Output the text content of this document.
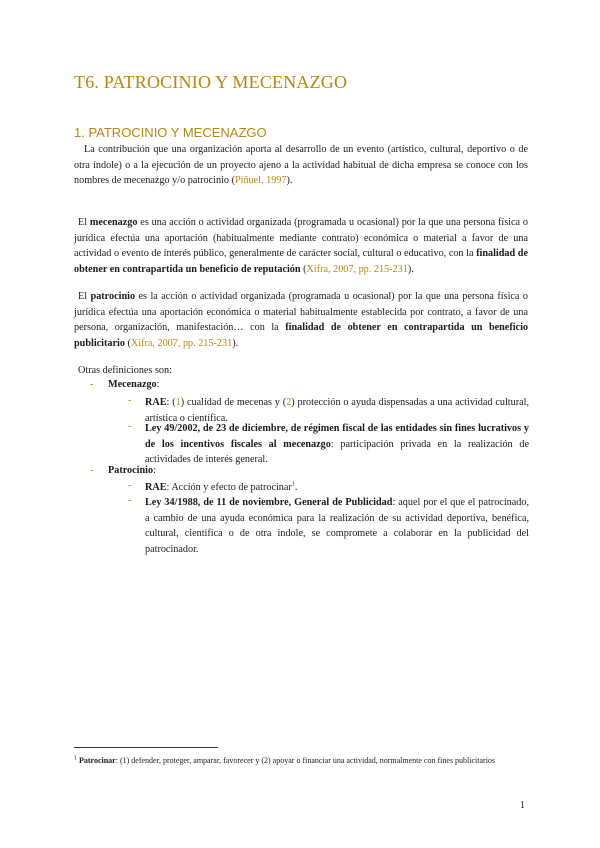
T6. PATROCINIO Y MECENAZGO
1. PATROCINIO Y MECENAZGO
La contribución que una organización aporta al desarrollo de un evento (artístico, cultural, deportivo o de otra índole) o a la ejecución de un proyecto ajeno a la actividad habitual de dicha empresa se conoce con los nombres de mecenazgo y/o patrocinio (Piñuel, 1997).
El mecenazgo es una acción o actividad organizada (programada u ocasional) por la que una persona física o jurídica efectúa una aportación (habitualmente mediante contrato) económica o material a favor de una actividad o evento de interés público, generalmente de carácter social, cultural o educativo, con la finalidad de obtener en contrapartida un beneficio de reputación (Xifra, 2007, pp. 215-231).
El patrocinio es la acción o actividad organizada (programada u ocasional) por la que una persona física o jurídica efectúa una aportación económica o material habitualmente establecida por contrato, a favor de una persona, organización, manifestación… con la finalidad de obtener en contrapartida un beneficio publicitario (Xifra, 2007, pp. 215-231).
Otras definiciones son:
- Mecenazgo:
- RAE: (1) cualidad de mecenas y (2) protección o ayuda dispensadas a una actividad cultural, artística o científica.
- Ley 49/2002, de 23 de diciembre, de régimen fiscal de las entidades sin fines lucrativos y de los incentivos fiscales al mecenazgo: participación privada en la realización de actividades de interés general.
- Patrocinio:
- RAE: Acción y efecto de patrocinar$^1$.
- Ley 34/1988, de 11 de noviembre, General de Publicidad: aquel por el que el patrocinado, a cambio de una ayuda económica para la realización de su actividad deportiva, benéfica, cultural, científica o de otra índole, se compromete a colaborar en la publicidad del patrocinador.
$^1$ Patrocinar: (1) defender, proteger, amparar, favorecer y (2) apoyar o financiar una actividad, normalmente con fines publicitarios
1
